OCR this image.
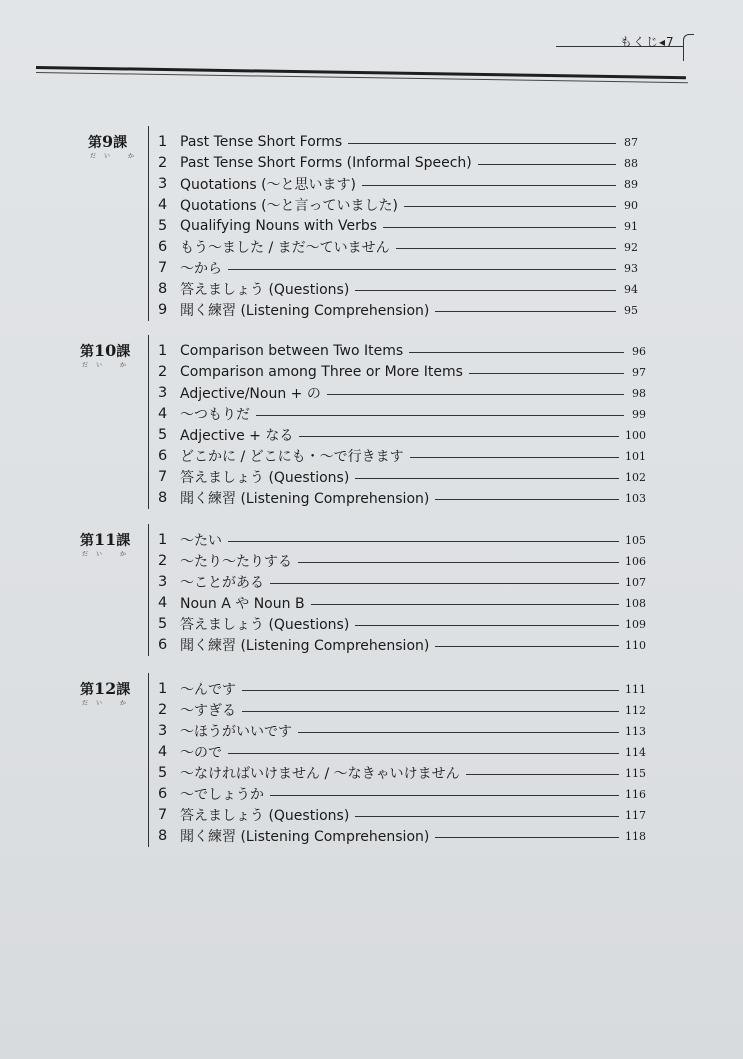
もくじ◂7
第9課
だい か
1 Past Tense Short Forms	87
2 Past Tense Short Forms (Informal Speech)	88
3 Quotations (〜と思います)	89
4 Quotations (〜と言っていました)	90
5 Qualifying Nouns with Verbs	91
6 もう〜ました / まだ〜ていません	92
7 〜から	93
8 答えましょう (Questions)	94
9 聞く練習 (Listening Comprehension)	95
第10課
だい か
1 Comparison between Two Items	96
2 Comparison among Three or More Items	97
3 Adjective/Noun + の	98
4 〜つもりだ	99
5 Adjective + なる	100
6 どこかに / どこにも・〜で行きます	101
7 答えましょう (Questions)	102
8 聞く練習 (Listening Comprehension)	103
第11課
だい か
1 〜たい	105
2 〜たり〜たりする	106
3 〜ことがある	107
4 Noun A や Noun B	108
5 答えましょう (Questions)	109
6 聞く練習 (Listening Comprehension)	110
第12課
だい か
1 〜んです	111
2 〜すぎる	112
3 〜ほうがいいです	113
4 〜ので	114
5 〜なければいけません / 〜なきゃいけません	115
6 〜でしょうか	116
7 答えましょう (Questions)	117
8 聞く練習 (Listening Comprehension)	118
